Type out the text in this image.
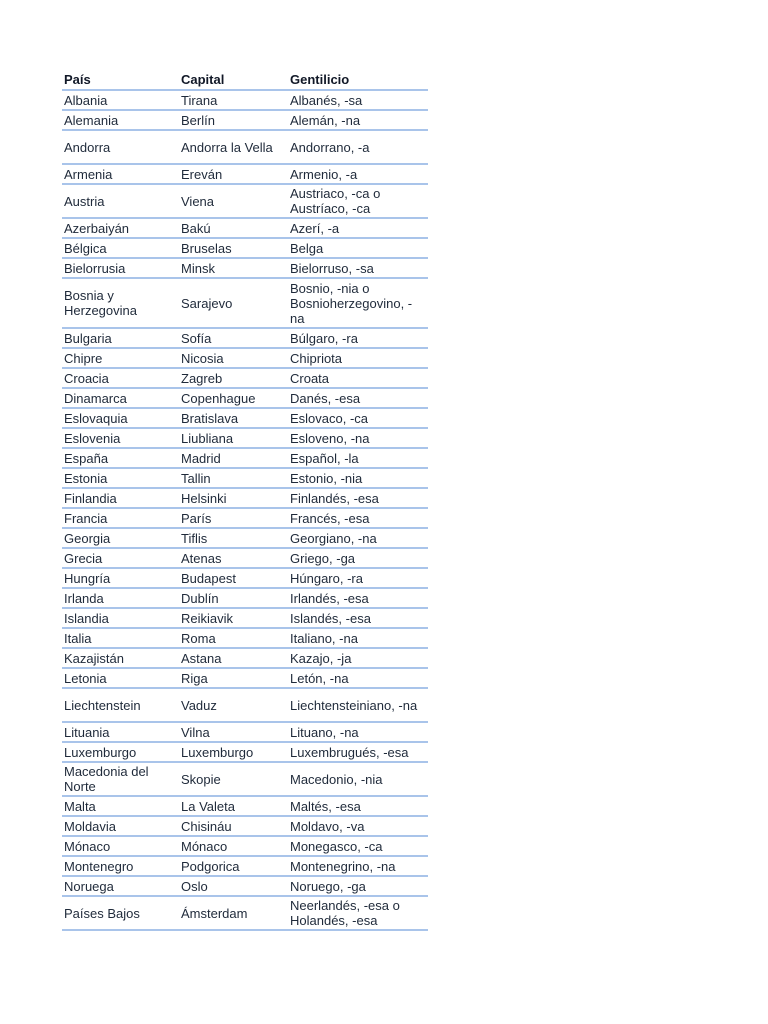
País	Capital	Gentilicio
Albania	Tirana	Albanés, -sa
Alemania	Berlín	Alemán, -na
Andorra	Andorra la Vella	Andorrano, -a
Armenia	Ereván	Armenio, -a
Austria	Viena	Austriaco, -ca o Austríaco, -ca
Azerbaiyán	Bakú	Azerí, -a
Bélgica	Bruselas	Belga
Bielorrusia	Minsk	Bielorruso, -sa
Bosnia y Herzegovina	Sarajevo	Bosnio, -nia o Bosnioherzegovino, -na
Bulgaria	Sofía	Búlgaro, -ra
Chipre	Nicosia	Chipriota
Croacia	Zagreb	Croata
Dinamarca	Copenhague	Danés, -esa
Eslovaquia	Bratislava	Eslovaco, -ca
Eslovenia	Liubliana	Esloveno, -na
España	Madrid	Español, -la
Estonia	Tallin	Estonio, -nia
Finlandia	Helsinki	Finlandés, -esa
Francia	París	Francés, -esa
Georgia	Tiflis	Georgiano, -na
Grecia	Atenas	Griego, -ga
Hungría	Budapest	Húngaro, -ra
Irlanda	Dublín	Irlandés, -esa
Islandia	Reikiavik	Islandés, -esa
Italia	Roma	Italiano, -na
Kazajistán	Astana	Kazajo, -ja
Letonia	Riga	Letón, -na
Liechtenstein	Vaduz	Liechtensteiniano, -na
Lituania	Vilna	Lituano, -na
Luxemburgo	Luxemburgo	Luxembrugués, -esa
Macedonia del Norte	Skopie	Macedonio, -nia
Malta	La Valeta	Maltés, -esa
Moldavia	Chisináu	Moldavo, -va
Mónaco	Mónaco	Monegasco, -ca
Montenegro	Podgorica	Montenegrino, -na
Noruega	Oslo	Noruego, -ga
Países Bajos	Ámsterdam	Neerlandés, -esa o Holandés, -esa
